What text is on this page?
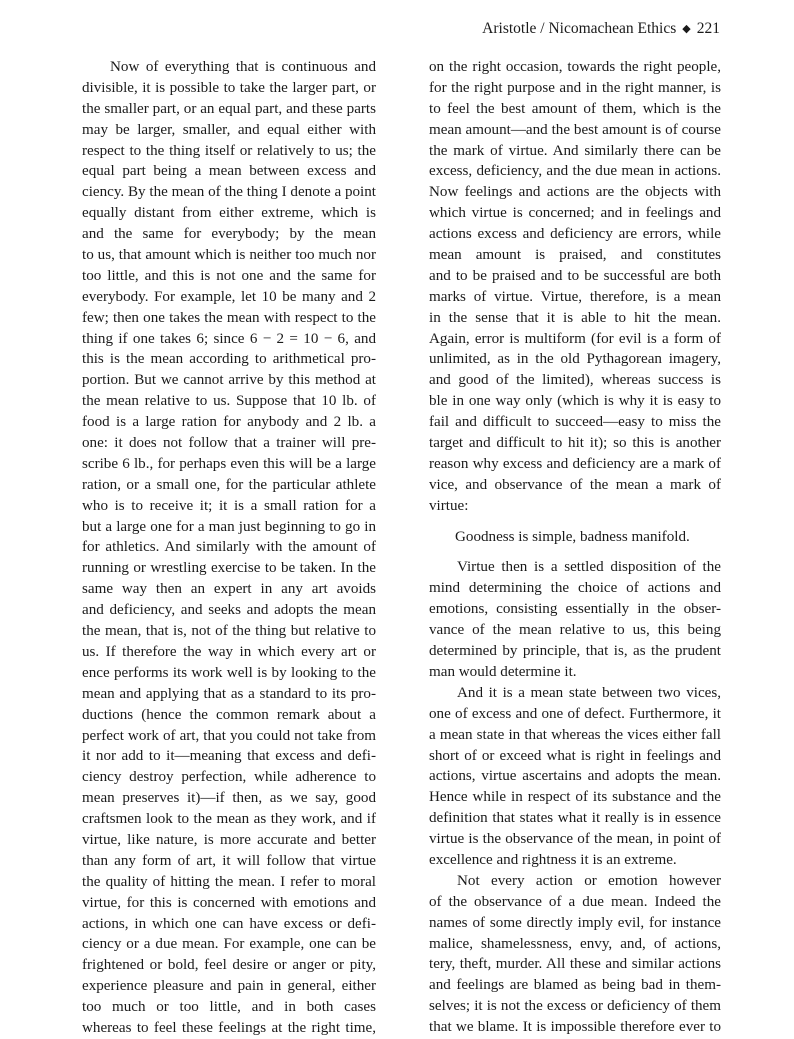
Aristotle / Nicomachean Ethics ◆ 221
Now of everything that is continuous and
divisible, it is possible to take the larger part, or
the smaller part, or an equal part, and these parts
may be larger, smaller, and equal either with
respect to the thing itself or relatively to us; the
equal part being a mean between excess and
ciency. By the mean of the thing I denote a point
equally distant from either extreme, which is
and the same for everybody; by the mean
to us, that amount which is neither too much nor
too little, and this is not one and the same for
everybody. For example, let 10 be many and 2
few; then one takes the mean with respect to the
thing if one takes 6; since 6 − 2 = 10 − 6, and
this is the mean according to arithmetical pro-
portion. But we cannot arrive by this method at
the mean relative to us. Suppose that 10 lb. of
food is a large ration for anybody and 2 lb. a
one: it does not follow that a trainer will pre-
scribe 6 lb., for perhaps even this will be a large
ration, or a small one, for the particular athlete
who is to receive it; it is a small ration for a
but a large one for a man just beginning to go in
for athletics. And similarly with the amount of
running or wrestling exercise to be taken. In the
same way then an expert in any art avoids
and deficiency, and seeks and adopts the mean
the mean, that is, not of the thing but relative to
us. If therefore the way in which every art or
ence performs its work well is by looking to the
mean and applying that as a standard to its pro-
ductions (hence the common remark about a
perfect work of art, that you could not take from
it nor add to it—meaning that excess and defi-
ciency destroy perfection, while adherence to
mean preserves it)—if then, as we say, good
craftsmen look to the mean as they work, and if
virtue, like nature, is more accurate and better
than any form of art, it will follow that virtue
the quality of hitting the mean. I refer to moral
virtue, for this is concerned with emotions and
actions, in which one can have excess or defi-
ciency or a due mean. For example, one can be
frightened or bold, feel desire or anger or pity,
experience pleasure and pain in general, either
too much or too little, and in both cases
whereas to feel these feelings at the right time,
on the right occasion, towards the right people,
for the right purpose and in the right manner, is
to feel the best amount of them, which is the
mean amount—and the best amount is of course
the mark of virtue. And similarly there can be
excess, deficiency, and the due mean in actions.
Now feelings and actions are the objects with
which virtue is concerned; and in feelings and
actions excess and deficiency are errors, while
mean amount is praised, and constitutes
and to be praised and to be successful are both
marks of virtue. Virtue, therefore, is a mean
in the sense that it is able to hit the mean.
Again, error is multiform (for evil is a form of
unlimited, as in the old Pythagorean imagery,
and good of the limited), whereas success is
ble in one way only (which is why it is easy to
fail and difficult to succeed—easy to miss the
target and difficult to hit it); so this is another
reason why excess and deficiency are a mark of
vice, and observance of the mean a mark of
virtue:
Goodness is simple, badness manifold.
Virtue then is a settled disposition of the
mind determining the choice of actions and
emotions, consisting essentially in the obser-
vance of the mean relative to us, this being
determined by principle, that is, as the prudent
man would determine it.
And it is a mean state between two vices,
one of excess and one of defect. Furthermore, it
a mean state in that whereas the vices either fall
short of or exceed what is right in feelings and
actions, virtue ascertains and adopts the mean.
Hence while in respect of its substance and the
definition that states what it really is in essence
virtue is the observance of the mean, in point of
excellence and rightness it is an extreme.
Not every action or emotion however
of the observance of a due mean. Indeed the
names of some directly imply evil, for instance
malice, shamelessness, envy, and, of actions,
tery, theft, murder. All these and similar actions
and feelings are blamed as being bad in them-
selves; it is not the excess or deficiency of them
that we blame. It is impossible therefore ever to
